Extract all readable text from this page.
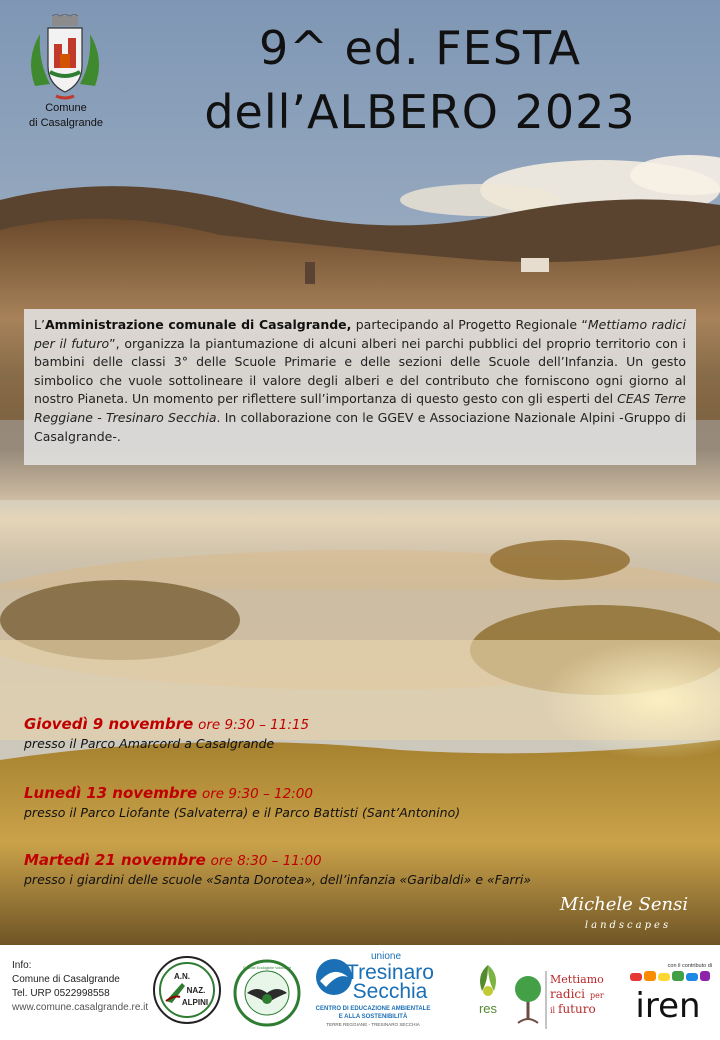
Comune
di Casalgrande
9^ ed. FESTA
dell’ALBERO 2023
L’Amministrazione comunale di Casalgrande, partecipando al Progetto Regionale “Mettiamo radici per il futuro”, organizza la piantumazione di alcuni alberi nei parchi pubblici del proprio territorio con i bambini delle classi 3° delle Scuole Primarie e delle sezioni delle Scuole dell’Infanzia. Un gesto simbolico che vuole sottolineare il valore degli alberi e del contributo che forniscono ogni giorno al nostro Pianeta. Un momento per riflettere sull’importanza di questo gesto con gli esperti del CEAS Terre Reggiane - Tresinaro Secchia. In collaborazione con le GGEV e Associazione Nazionale Alpini -Gruppo di Casalgrande-.
Giovedì 9 novembre ore 9:30 – 11:15
presso il Parco Amarcord a Casalgrande
Lunedì 13 novembre ore 9:30 – 12:00
presso il Parco Liofante (Salvaterra) e il Parco Battisti (Sant’Antonino)
Martedì 21 novembre ore 8:30 – 11:00
presso i giardini delle scuole «Santa Dorotea», dell’infanzia «Garibaldi» e «Farri»
Michele Sensi
landscapes
Info:
Comune di Casalgrande
Tel. URP 0522998558
www.comune.casalgrande.re.it
A.N.
NAZ.
ALPINI
Guardie Ecologiche Volontarie
unione
Tresinaro
Secchia
CENTRO DI EDUCAZIONE AMBIENTALE
E ALLA SOSTENIBILITÀ
TERRE REGGIANE - TRESINARO SECCHIA
res
Mettiamo
radici per
il futuro
con il contributo di
iren
